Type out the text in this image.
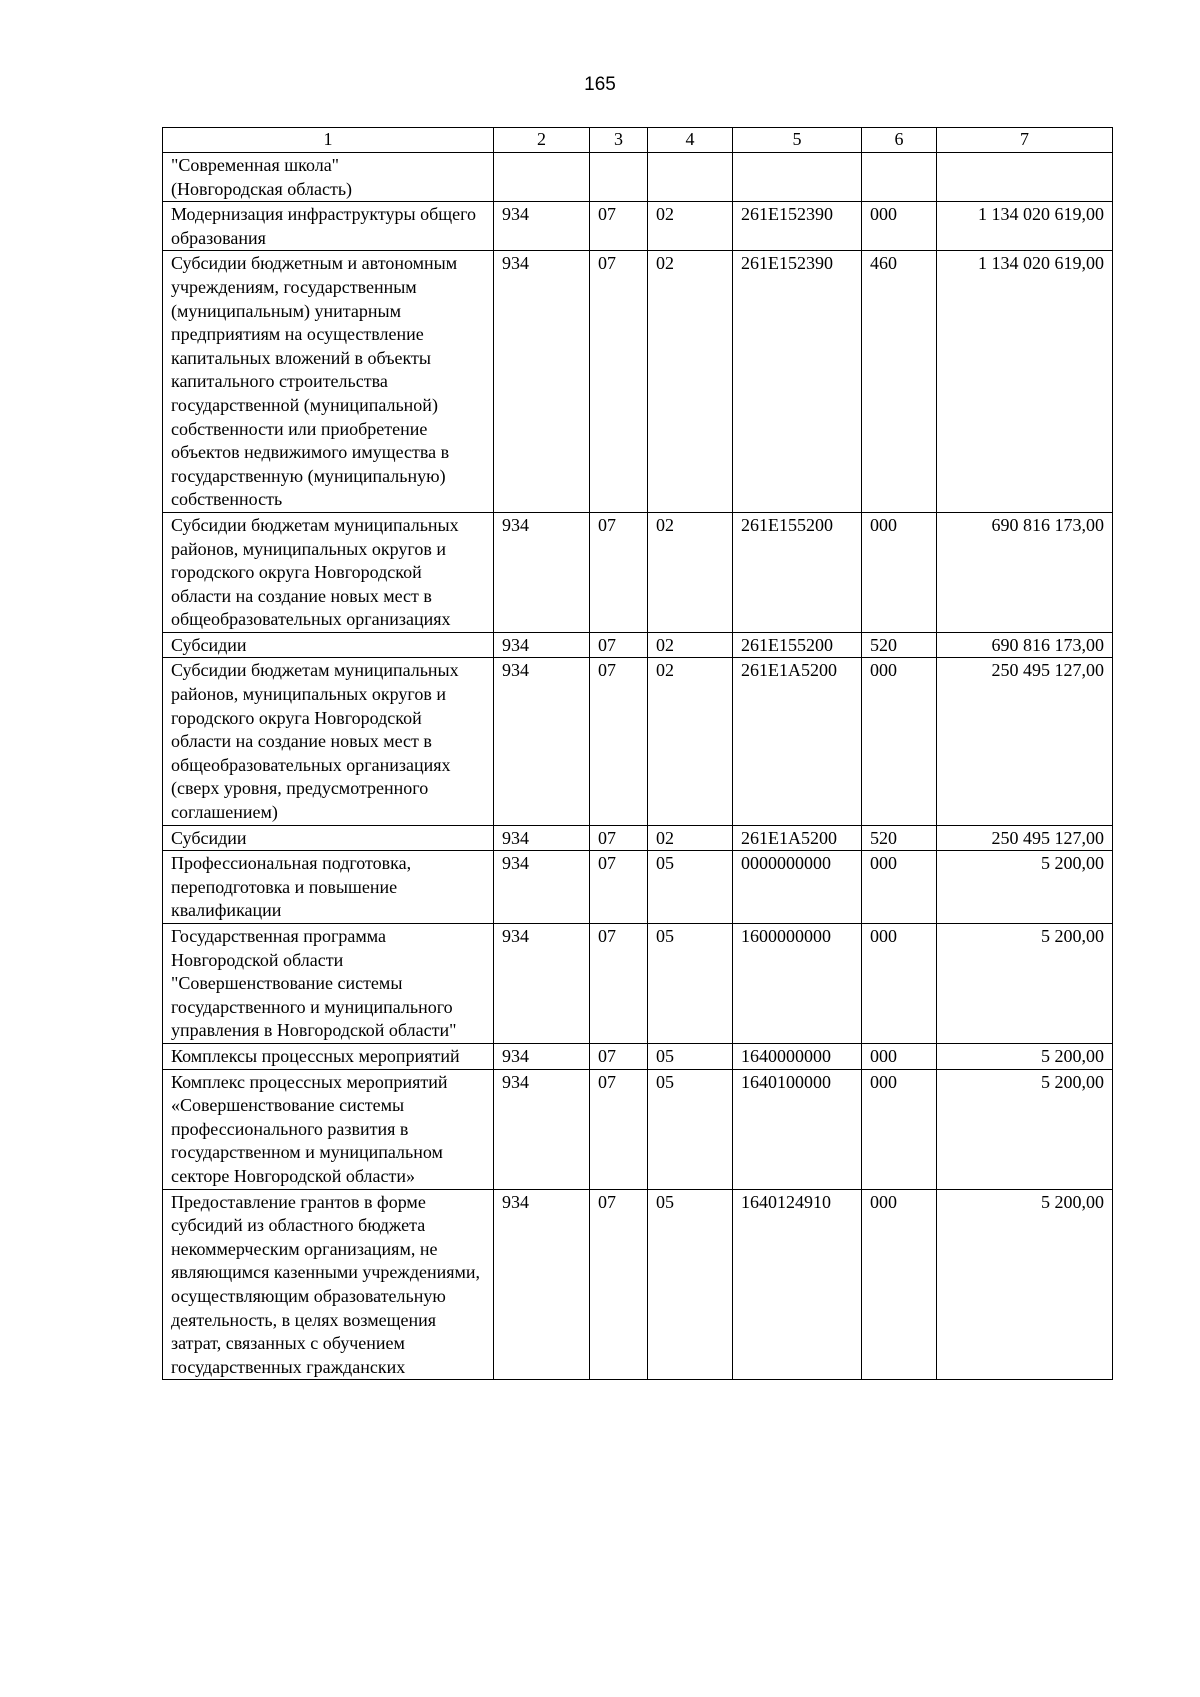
165
1	2	3	4	5	6	7
"Современная школа"
(Новгородская область)						
Модернизация инфраструктуры общего образования	934	07	02	261E152390	000	1 134 020 619,00
Субсидии бюджетным и автономным учреждениям, государственным (муниципальным) унитарным предприятиям на осуществление капитальных вложений в объекты капитального строительства государственной (муниципальной) собственности или приобретение объектов недвижимого имущества в государственную (муниципальную) собственность	934	07	02	261E152390	460	1 134 020 619,00
Субсидии бюджетам муниципальных районов, муниципальных округов и городского округа Новгородской области на создание новых мест в общеобразовательных организациях	934	07	02	261E155200	000	690 816 173,00
Субсидии	934	07	02	261E155200	520	690 816 173,00
Субсидии бюджетам муниципальных районов, муниципальных округов и городского округа Новгородской области на создание новых мест в общеобразовательных организациях (сверх уровня, предусмотренного соглашением)	934	07	02	261E1A5200	000	250 495 127,00
Субсидии	934	07	02	261E1A5200	520	250 495 127,00
Профессиональная подготовка, переподготовка и повышение квалификации	934	07	05	0000000000	000	5 200,00
Государственная программа Новгородской области "Совершенствование системы государственного и муниципального управления в Новгородской области"	934	07	05	1600000000	000	5 200,00
Комплексы процессных мероприятий	934	07	05	1640000000	000	5 200,00
Комплекс процессных мероприятий «Совершенствование системы профессионального развития в государственном и муниципальном секторе Новгородской области»	934	07	05	1640100000	000	5 200,00
Предоставление грантов в форме субсидий из областного бюджета некоммерческим организациям, не являющимся казенными учреждениями, осуществляющим образовательную деятельность, в целях возмещения затрат, связанных с обучением государственных гражданских	934	07	05	1640124910	000	5 200,00
